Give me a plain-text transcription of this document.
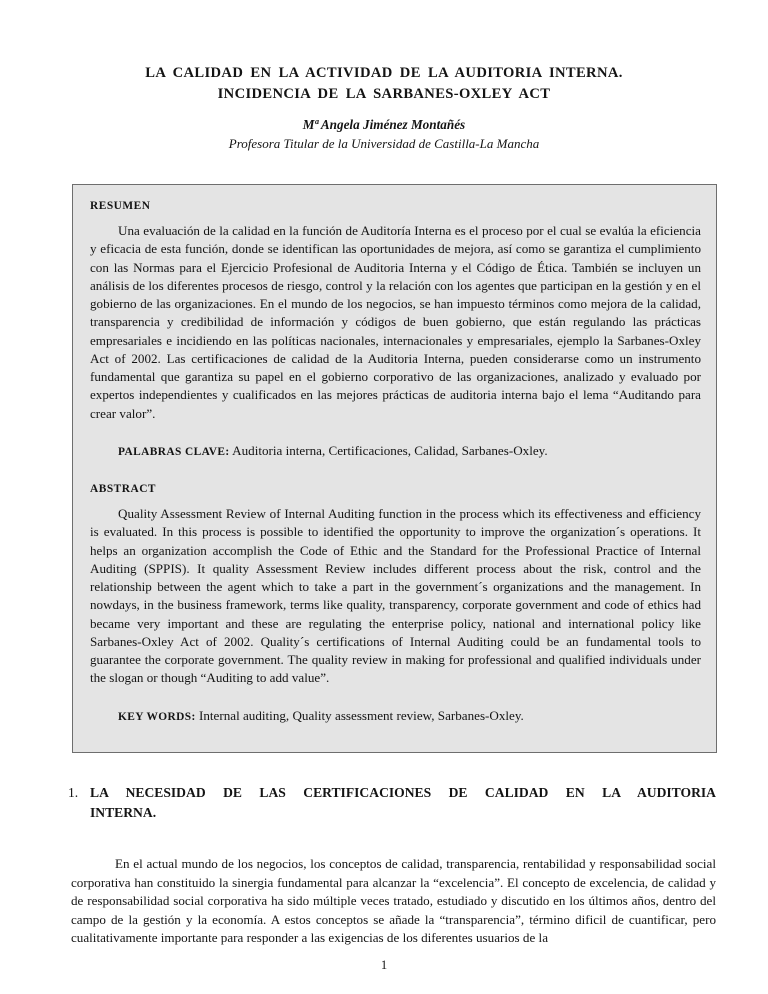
LA CALIDAD EN LA ACTIVIDAD DE LA AUDITORIA INTERNA.
INCIDENCIA DE LA SARBANES-OXLEY ACT

Mª Angela Jiménez Montañés

Profesora Titular de la Universidad de Castilla-La Mancha

RESUMEN

Una evaluación de la calidad en la función de Auditoría Interna es el proceso por el cual se evalúa la eficiencia y eficacia de esta función, donde se identifican las oportunidades de mejora, así como se garantiza el cumplimiento con las Normas para el Ejercicio Profesional de Auditoria Interna y el Código de Ética. También se incluyen un análisis de los diferentes procesos de riesgo, control y la relación con los agentes que participan en la gestión y en el gobierno de las organizaciones. En el mundo de los negocios, se han impuesto términos como mejora de la calidad, transparencia y credibilidad de información y códigos de buen gobierno, que están regulando las prácticas empresariales e incidiendo en las políticas nacionales, internacionales y empresariales, ejemplo la Sarbanes-Oxley Act of 2002. Las certificaciones de calidad de la Auditoria Interna, pueden considerarse como un instrumento fundamental que garantiza su papel en el gobierno corporativo de las organizaciones, analizado y evaluado por expertos independientes y cualificados en las mejores prácticas de auditoria interna bajo el lema “Auditando para crear valor”.

PALABRAS CLAVE: Auditoria interna, Certificaciones, Calidad, Sarbanes-Oxley.

ABSTRACT

Quality Assessment Review of Internal Auditing function in the process which its effectiveness and efficiency is evaluated. In this process is possible to identified the opportunity to improve the organization´s operations. It helps an organization accomplish the Code of Ethic and the Standard for the Professional Practice of Internal Auditing (SPPIS). It quality Assessment Review includes different process about the risk, control and the relationship between the agent which to take a part in the government´s organizations and the management. In nowdays, in the business framework, terms like quality, transparency, corporate government and code of ethics had became very important and these are regulating the enterprise policy, national and international policy like Sarbanes-Oxley Act of 2002. Quality´s certifications of Internal Auditing could be an fundamental tools to guarantee the corporate government. The quality review in making for professional and qualified individuals under the slogan or though “Auditing to add value”.

KEY WORDS: Internal auditing, Quality assessment review, Sarbanes-Oxley.

1. LA NECESIDAD DE LAS CERTIFICACIONES DE CALIDAD EN LA AUDITORIA
INTERNA.

En el actual mundo de los negocios, los conceptos de calidad, transparencia, rentabilidad y responsabilidad social corporativa han constituido la sinergia fundamental para alcanzar la “excelencia”. El concepto de excelencia, de calidad y de responsabilidad social corporativa ha sido múltiple veces tratado, estudiado y discutido en los últimos años, dentro del campo de la gestión y la economía. A estos conceptos se añade la “transparencia”, término dificil de cuantificar, pero cualitativamente importante para responder a las exigencias de los diferentes usuarios de la

1
